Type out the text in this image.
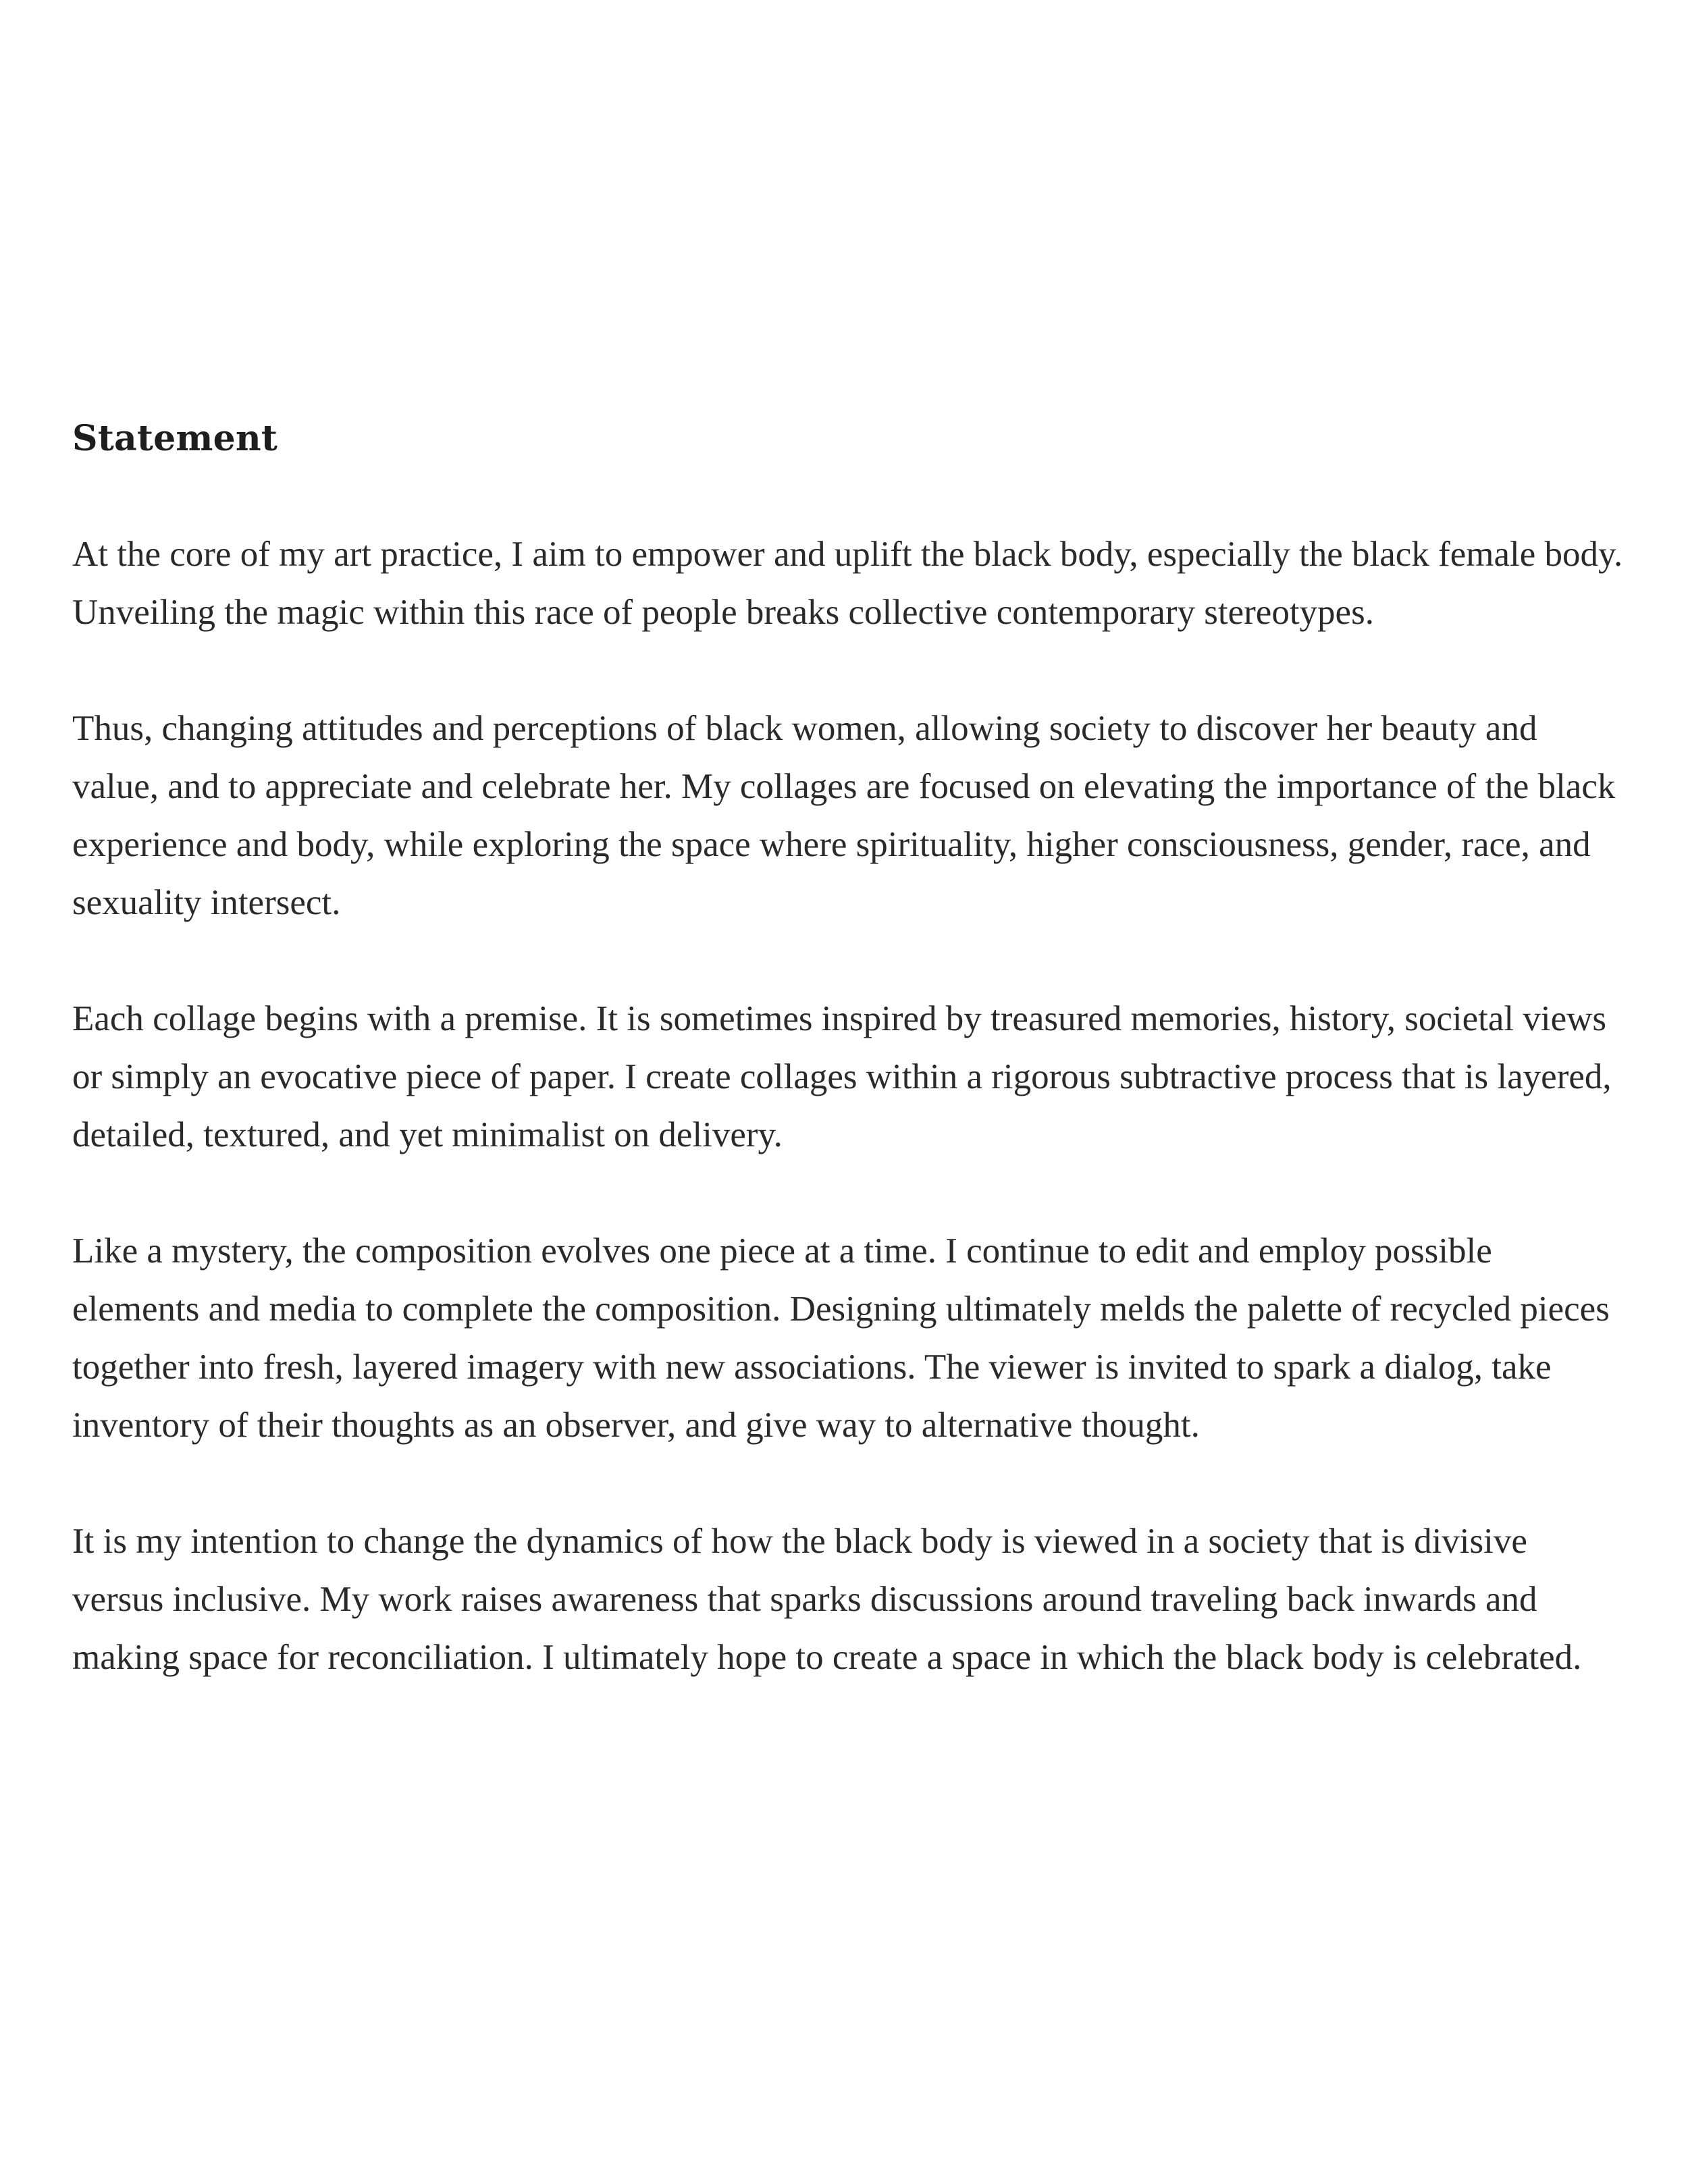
Statement

At the core of my art practice, I aim to empower and uplift the black body, especially the black female body. Unveiling the magic within this race of people breaks collective contemporary stereotypes.

Thus, changing attitudes and perceptions of black women, allowing society to discover her beauty and value, and to appreciate and celebrate her. My collages are focused on elevating the importance of the black experience and body, while exploring the space where spirituality, higher consciousness, gender, race, and sexuality intersect.

Each collage begins with a premise. It is sometimes inspired by treasured memories, history, societal views or simply an evocative piece of paper. I create collages within a rigorous subtractive process that is layered, detailed, textured, and yet minimalist on delivery.

Like a mystery, the composition evolves one piece at a time. I continue to edit and employ possible elements and media to complete the composition. Designing ultimately melds the palette of recycled pieces together into fresh, layered imagery with new associations. The viewer is invited to spark a dialog, take inventory of their thoughts as an observer, and give way to alternative thought.

It is my intention to change the dynamics of how the black body is viewed in a society that is divisive versus inclusive. My work raises awareness that sparks discussions around traveling back inwards and making space for reconciliation. I ultimately hope to create a space in which the black body is celebrated.
